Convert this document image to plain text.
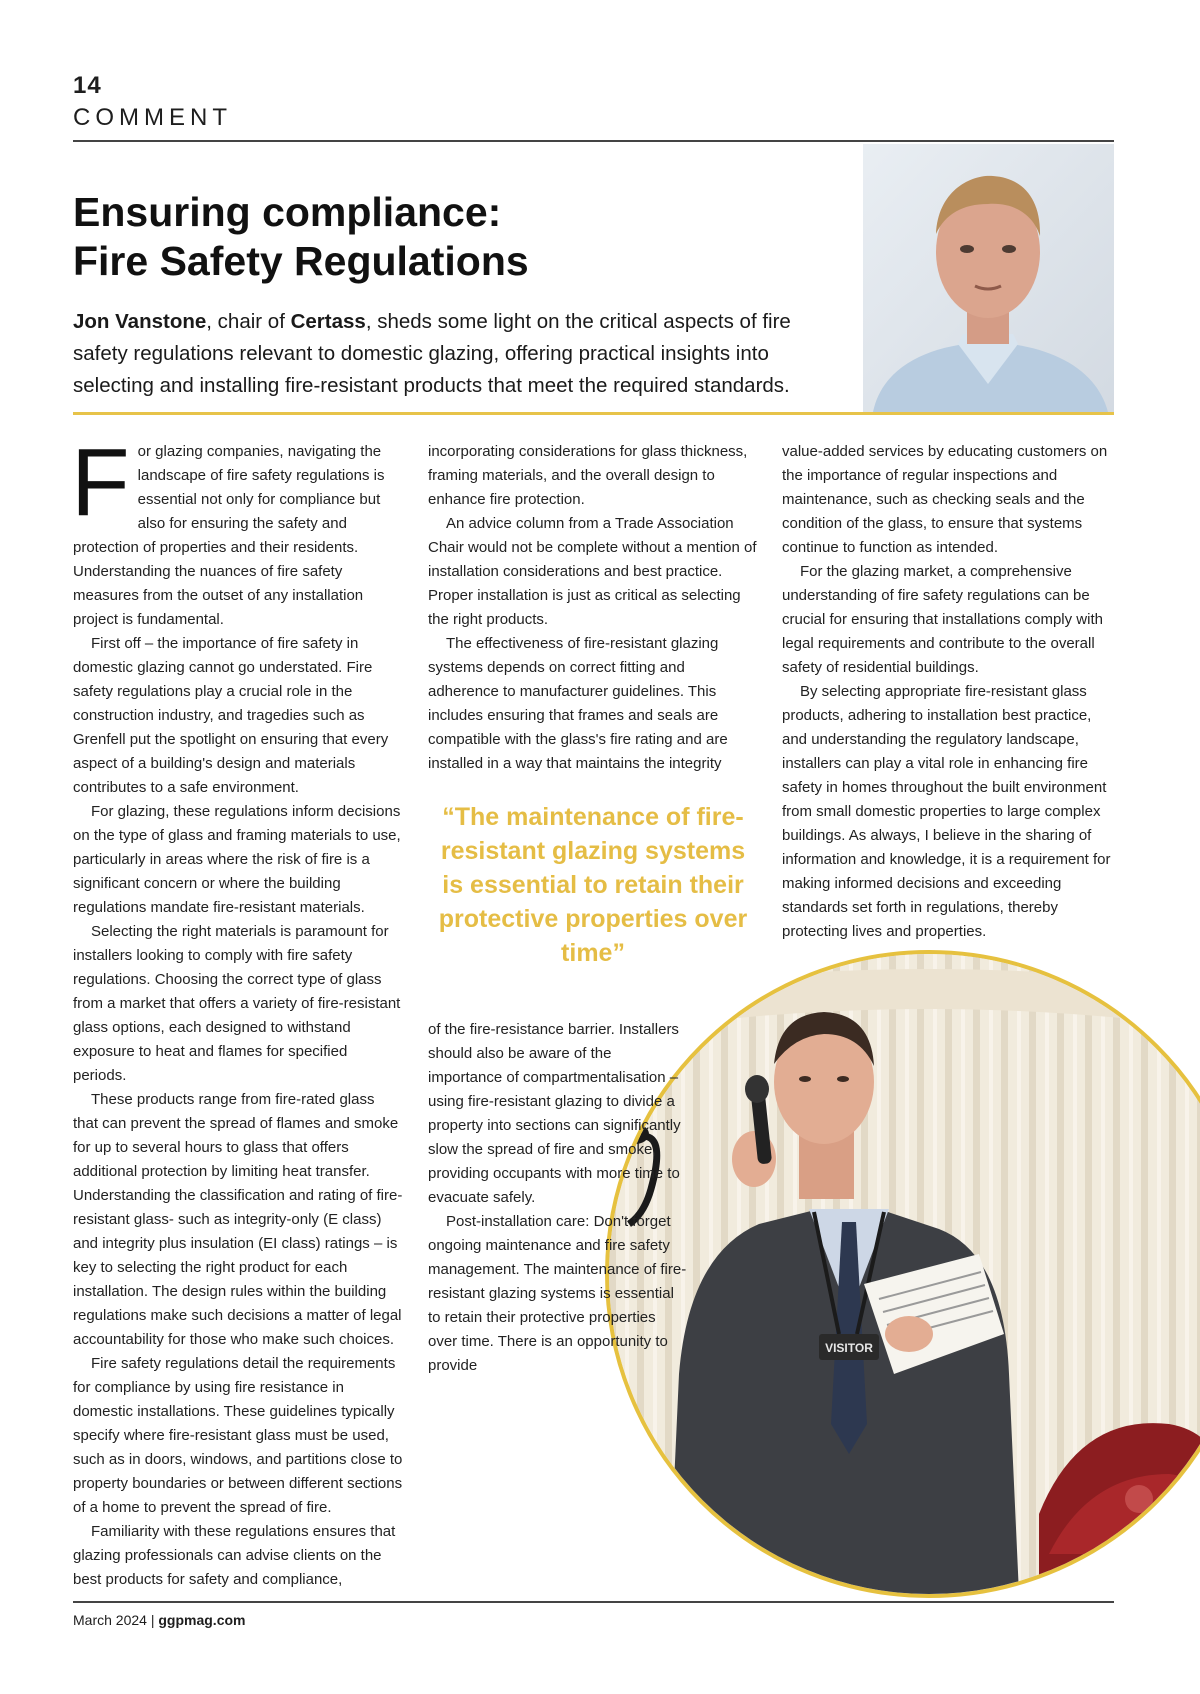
14
COMMENT
Ensuring compliance:
Fire Safety Regulations

Jon Vanstone, chair of Certass, sheds some light on the critical aspects of fire safety regulations relevant to domestic glazing, offering practical insights into selecting and installing fire-resistant products that meet the required standards.

F or glazing companies, navigating the landscape of fire safety regulations is essential not only for compliance but also for ensuring the safety and protection of properties and their residents. Understanding the nuances of fire safety measures from the outset of any installation project is fundamental.

First off – the importance of fire safety in domestic glazing cannot go understated. Fire safety regulations play a crucial role in the construction industry, and tragedies such as Grenfell put the spotlight on ensuring that every aspect of a building's design and materials contributes to a safe environment.

For glazing, these regulations inform decisions on the type of glass and framing materials to use, particularly in areas where the risk of fire is a significant concern or where the building regulations mandate fire-resistant materials.

Selecting the right materials is paramount for installers looking to comply with fire safety regulations. Choosing the correct type of glass from a market that offers a variety of fire-resistant glass options, each designed to withstand exposure to heat and flames for specified periods.

These products range from fire-rated glass that can prevent the spread of flames and smoke for up to several hours to glass that offers additional protection by limiting heat transfer. Understanding the classification and rating of fire-resistant glass- such as integrity-only (E class) and integrity plus insulation (EI class) ratings – is key to selecting the right product for each installation. The design rules within the building regulations make such decisions a matter of legal accountability for those who make such choices.

Fire safety regulations detail the requirements for compliance by using fire resistance in domestic installations. These guidelines typically specify where fire-resistant glass must be used, such as in doors, windows, and partitions close to property boundaries or between different sections of a home to prevent the spread of fire.

Familiarity with these regulations ensures that glazing professionals can advise clients on the best products for safety and compliance,

incorporating considerations for glass thickness, framing materials, and the overall design to enhance fire protection.

An advice column from a Trade Association Chair would not be complete without a mention of installation considerations and best practice. Proper installation is just as critical as selecting the right products.

The effectiveness of fire-resistant glazing systems depends on correct fitting and adherence to manufacturer guidelines. This includes ensuring that frames and seals are compatible with the glass's fire rating and are installed in a way that maintains the integrity

“The maintenance of fire-resistant glazing systems is essential to retain their protective properties over time”

VISITOR

of the fire-resistance barrier. Installers should also be aware of the importance of compartmentalisation – using fire-resistant glazing to divide a property into sections can significantly slow the spread of fire and smoke, providing occupants with more time to evacuate safely.

Post-installation care: Don't forget ongoing maintenance and fire safety management. The maintenance of fire-resistant glazing systems is essential to retain their protective properties over time. There is an opportunity to provide

value-added services by educating customers on the importance of regular inspections and maintenance, such as checking seals and the condition of the glass, to ensure that systems continue to function as intended.

For the glazing market, a comprehensive understanding of fire safety regulations can be crucial for ensuring that installations comply with legal requirements and contribute to the overall safety of residential buildings.

By selecting appropriate fire-resistant glass products, adhering to installation best practice, and understanding the regulatory landscape, installers can play a vital role in enhancing fire safety in homes throughout the built environment from small domestic properties to large complex buildings. As always, I believe in the sharing of information and knowledge, it is a requirement for making informed decisions and exceeding standards set forth in regulations, thereby protecting lives and properties.

March 2024 | ggpmag.com
